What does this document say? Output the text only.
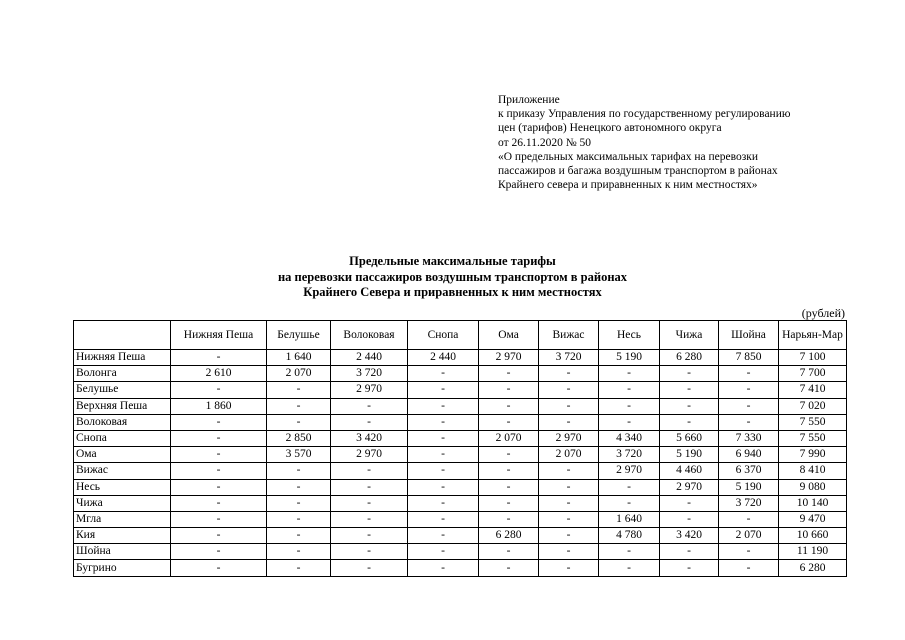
Приложение
к приказу Управления по государственному регулированию
цен (тарифов) Ненецкого автономного округа
от 26.11.2020 № 50
«О предельных максимальных тарифах на перевозки
пассажиров и багажа воздушным транспортом в районах
Крайнего севера и приравненных к ним местностях»
Предельные максимальные тарифы
на перевозки пассажиров воздушным транспортом в районах
Крайнего Севера и приравненных к ним местностях
(рублей)
	Нижняя Пеша	Белушье	Волоковая	Снопа	Ома	Вижас	Несь	Чижа	Шойна	Нарьян-Мар
Нижняя Пеша	-	1 640	2 440	2 440	2 970	3 720	5 190	6 280	7 850	7 100
Волонга	2 610	2 070	3 720	-	-	-	-	-	-	7 700
Белушье	-	-	2 970	-	-	-	-	-	-	7 410
Верхняя Пеша	1 860	-	-	-	-	-	-	-	-	7 020
Волоковая	-	-	-	-	-	-	-	-	-	7 550
Снопа	-	2 850	3 420	-	2 070	2 970	4 340	5 660	7 330	7 550
Ома	-	3 570	2 970	-	-	2 070	3 720	5 190	6 940	7 990
Вижас	-	-	-	-	-	-	2 970	4 460	6 370	8 410
Несь	-	-	-	-	-	-	-	2 970	5 190	9 080
Чижа	-	-	-	-	-	-	-	-	3 720	10 140
Мгла	-	-	-	-	-	-	1 640	-	-	9 470
Кия	-	-	-	-	6 280	-	4 780	3 420	2 070	10 660
Шойна	-	-	-	-	-	-	-	-	-	11 190
Бугрино	-	-	-	-	-	-	-	-	-	6 280
